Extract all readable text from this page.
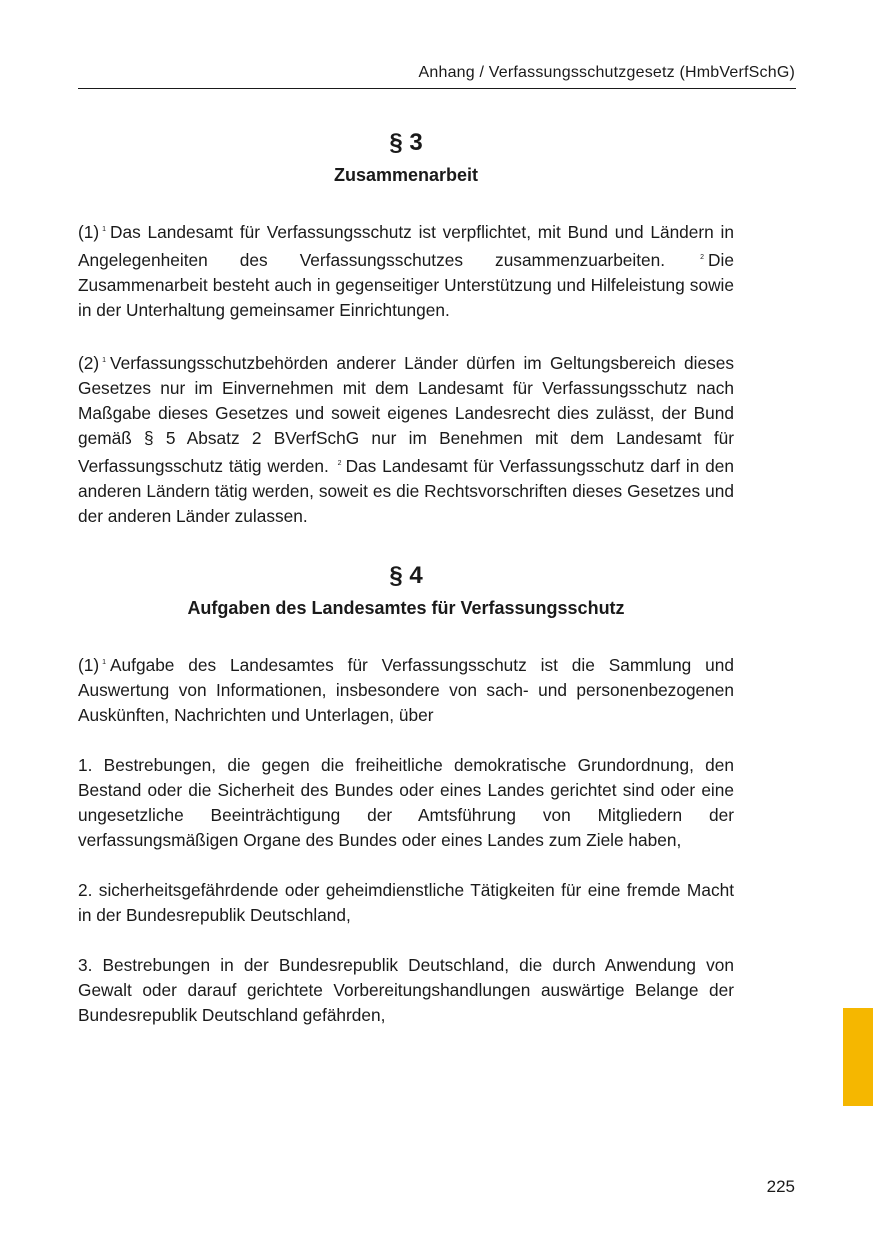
Anhang / Verfassungsschutzgesetz (HmbVerfSchG)
§ 3
Zusammenarbeit

(1) $^1$ Das Landesamt für Verfassungsschutz ist verpflichtet, mit Bund und Ländern in Angelegenheiten des Verfassungsschutzes zusammenzuarbeiten.	$^2$ Die Zusammenarbeit besteht auch in gegenseitiger Unterstützung und Hilfeleistung sowie in der Unterhaltung gemeinsamer Einrichtungen.

(2) $^1$ Verfassungsschutzbehörden anderer Länder dürfen im Geltungsbereich dieses Gesetzes nur im Einvernehmen mit dem Landesamt für Verfassungsschutz nach Maßgabe dieses Gesetzes und soweit eigenes Landesrecht dies zulässt, der Bund gemäß § 5 Absatz 2 BVerfSchG nur im Benehmen mit dem Landesamt für Verfassungsschutz tätig werden. $^2$ Das Landesamt für Verfassungsschutz darf in den anderen Ländern tätig werden, soweit es die Rechtsvorschriften dieses Gesetzes und der anderen Länder zulassen.

§ 4
Aufgaben des Landesamtes für Verfassungsschutz

(1) $^1$ Aufgabe des Landesamtes für Verfassungsschutz ist die Sammlung und Auswertung von Informationen, insbesondere von sach- und personenbezogenen Auskünften, Nachrichten und Unterlagen, über

1. Bestrebungen, die gegen die freiheitliche demokratische Grundordnung, den Bestand oder die Sicherheit des Bundes oder eines Landes gerichtet sind oder eine ungesetzliche Beeinträchtigung der Amtsführung von Mitgliedern der verfassungsmäßigen Organe des Bundes oder eines Landes zum Ziele haben,

2. sicherheitsgefährdende oder geheimdienstliche Tätigkeiten für eine fremde Macht in der Bundesrepublik Deutschland,

3. Bestrebungen in der Bundesrepublik Deutschland, die durch Anwendung von Gewalt oder darauf gerichtete Vorbereitungshandlungen auswärtige Belange der Bundesrepublik Deutschland gefährden,

225
